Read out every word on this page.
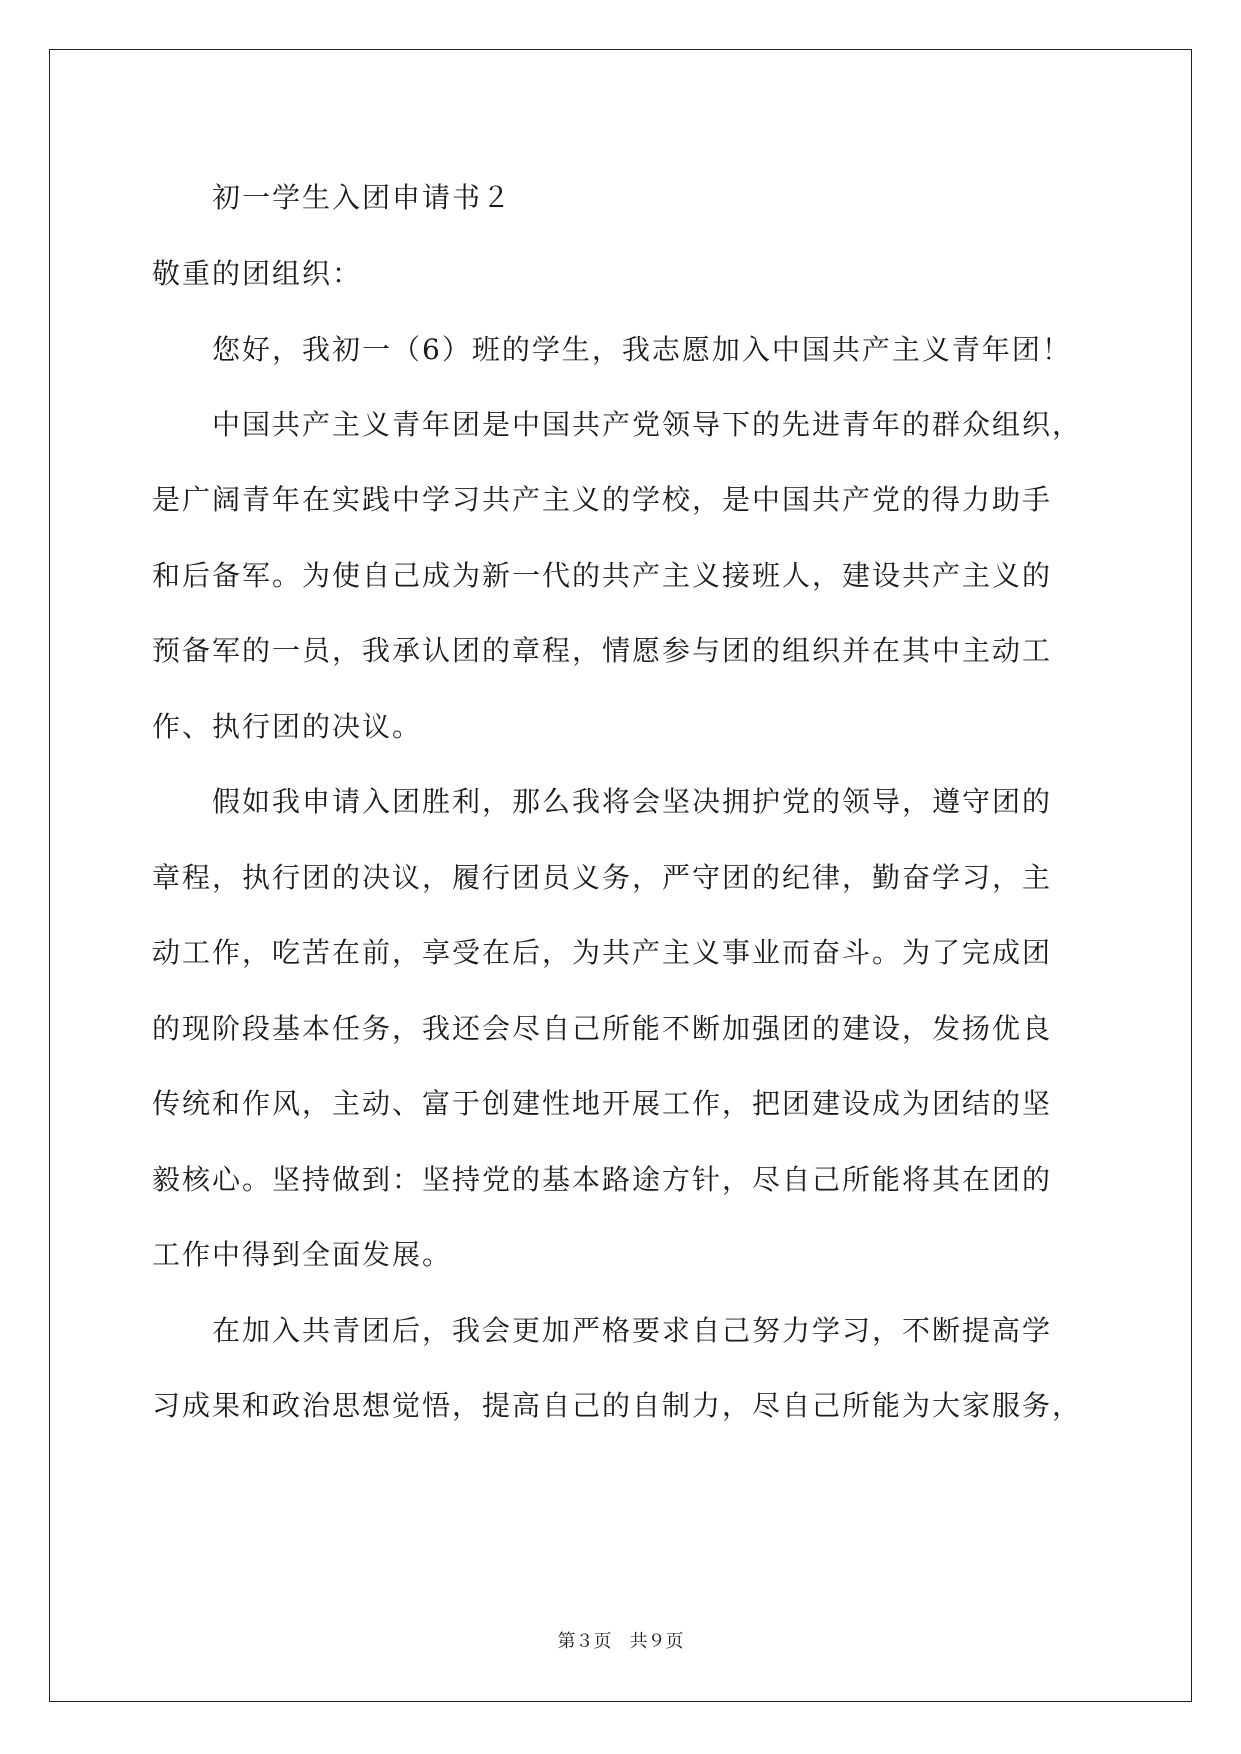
初一学生入团申请书２

敬重的团组织：

您好，我初一（6）班的学生，我志愿加入中国共产主义青年团！

中国共产主义青年团是中国共产党领导下的先进青年的群众组织，

是广阔青年在实践中学习共产主义的学校，是中国共产党的得力助手

和后备军。为使自己成为新一代的共产主义接班人，建设共产主义的

预备军的一员，我承认团的章程，情愿参与团的组织并在其中主动工

作、执行团的决议。

假如我申请入团胜利，那么我将会坚决拥护党的领导，遵守团的

章程，执行团的决议，履行团员义务，严守团的纪律，勤奋学习，主

动工作，吃苦在前，享受在后，为共产主义事业而奋斗。为了完成团

的现阶段基本任务，我还会尽自己所能不断加强团的建设，发扬优良

传统和作风，主动、富于创建性地开展工作，把团建设成为团结的坚

毅核心。坚持做到：坚持党的基本路途方针，尽自己所能将其在团的

工作中得到全面发展。

在加入共青团后，我会更加严格要求自己努力学习，不断提高学

习成果和政治思想觉悟，提高自己的自制力，尽自己所能为大家服务，

第３页　共９页
